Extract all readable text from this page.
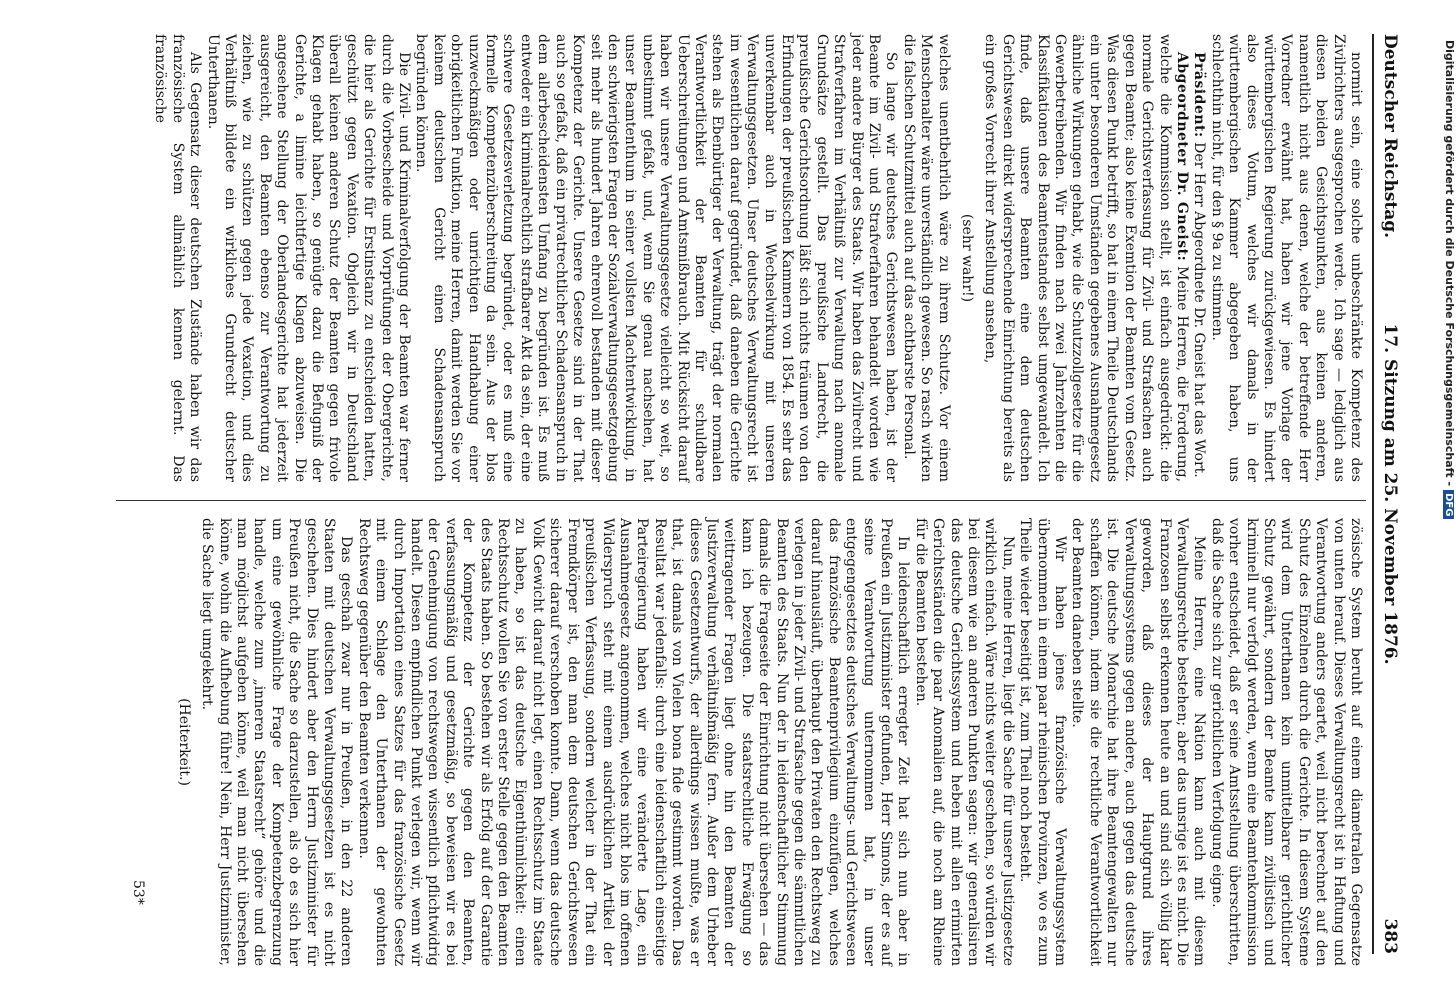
Digitalisierung gefördert durch die Deutsche Forschungsgemeinschaft -DFG
Deutscher Reichstag.
17. Sitzung am 25. November 1876.
383

normirt sein, eine solche unbeschränkte Kompetenz des Zivilrichters ausgesprochen werde. Ich sage — lediglich aus diesen beiden Gesichtspunkten, aus keinen anderen, namentlich nicht aus denen, welche der betreffende Herr Vorredner erwähnt hat, haben wir jene Vorlage der württembergischen Regierung zurückgewiesen. Es hindert also dieses Votum, welches wir damals in der württembergischen Kammer abgegeben haben, uns schlechthin nicht, für den § 9a zu stimmen.

Präsident: Der Herr Abgeordnete Dr. Gneist hat das Wort.

Abgeordneter Dr. Gneist: Meine Herren, die Forderung, welche die Kommission stellt, ist einfach ausgedrückt: die normale Gerichtsverfassung für Zivil- und Strafsachen auch gegen Beamte; also keine Exemtion der Beamten vom Gesetz. Was diesen Punkt betrifft, so hat in einem Theile Deutschlands ein unter besonderen Umständen gegebenes Ausnahmegesetz ähnliche Wirkungen gehabt, wie die Schutzzollgesetze für die Gewerbetreibenden. Wir finden nach zwei Jahrzehnten die Klassifikationen des Beamtenstandes selbst umgewandelt. Ich finde, daß unsere Beamten eine dem deutschen Gerichtswesen direkt widersprechende Einrichtung bereits als ein großes Vorrecht ihrer Anstellung ansehen,

(sehr wahr!)

welches unentbehrlich wäre zu ihrem Schutze. Vor einem Menschenalter wäre unverständlich gewesen. So rasch wirken die falschen Schutzmittel auch auf das achtbarste Personal.

So lange wir deutsches Gerichtswesen haben, ist der Beamte im Zivil- und Strafverfahren behandelt worden wie jeder andere Bürger des Staats. Wir haben das Zivilrecht und Strafverfahren im Verhältniß zur Verwaltung nach anomale Grundsätze gestellt. Das preußische Landrecht, die preußische Gerichtsordnung läßt sich nichts träumen von den Erfindungen der preußischen Kammern von 1854. Es sehr das unverkennbar auch in Wechselwirkung mit unseren Verwaltungsgesetzen. Unser deutsches Verwaltungsrecht ist im wesentlichen darauf gegründet, daß daneben die Gerichte stehen als Ebenbürtiger der Verwaltung, trägt der normalen Verantwortlichkeit der Beamten für schuldbare Ueberschreitungen und Amtsmißbrauch. Mit Rücksicht darauf haben wir unsere Verwaltungsgesetze vielleicht so weit, so unbestimmt gefaßt, und, wenn Sie genau nachsehen, hat unser Beamtenthum in seiner vollsten Machtentwicklung, in den schwierigsten Fragen der Sozialverwaltungsgesetzgebung seit mehr als hundert Jahren ehrenvoll bestanden mit dieser Kompetenz der Gerichte. Unsere Gesetze sind in der That auch so gefaßt, daß ein privatrechtlicher Schadensanspruch in dem allerbescheidensten Umfang zu begründen ist. Es muß entweder ein kriminalrechtlich strafbarer Akt da sein, der eine schwere Gesetzesverletzung begründet, oder es muß eine formelle Kompetenzüberschreitung da sein. Aus der blos unzweckmäßigen oder unrichtigen Handhabung einer obrigkeitlichen Funktion, meine Herren, damit werden Sie vor keinem deutschen Gericht einen Schadensanspruch begründen können.

Die Zivil- und Kriminalverfolgung der Beamten war ferner durch die Vorbescheide und Vorprüfungen der Obergerichte, die hier als Gerichte für Erstinstanz zu entscheiden hatten, geschützt gegen Vexation. Obgleich wir in Deutschland überall keinen anderen Schutz der Beamten gegen frivole Klagen gehabt haben, so genügte dazu die Befugniß der Gerichte, a limine leichtfertige Klagen abzuweisen. Die angesehene Stellung der Oberlandesgerichte hat jederzeit ausgereicht, den Beamten ebenso zur Verantwortung zu ziehen, wie zu schützen gegen jede Vexation, und dies Verhältniß bildete ein wirkliches Grundrecht deutscher Unterthanen.

Als Gegensatz dieser deutschen Zustände haben wir das französische System allmählich kennen gelernt. Das französische

zösische System beruht auf einem diametralen Gegensatze von unten herauf. Dieses Verwaltungsrecht ist in Haftung und Verantwortung anders geartet, weil nicht berechnet auf den Schutz des Einzelnen durch die Gerichte. In diesem Systeme wird dem Unterthanen kein unmittelbarer gerichtlicher Schutz gewährt, sondern der Beamte kann zivilistisch und kriminell nur verfolgt werden, wenn eine Beamtenkommission vorher entscheidet, daß er seine Amtsstellung überschritten, daß die Sache sich zur gerichtlichen Verfolgung eigne.

Meine Herren, eine Nation kann auch mit diesem Verwaltungsrechte bestehen; aber das unsrige ist es nicht. Die Franzosen selbst erkennen heute an und sind sich völlig klar geworden, daß dieses der Hauptgrund ihres Verwaltungssystems gegen andere, auch gegen das deutsche ist. Die deutsche Monarchie hat ihre Beamtengewalten nur schaffen können, indem sie die rechtliche Verantwortlichkeit der Beamten daneben stellte.

Wir haben jenes französische Verwaltungssystem übernommen in einem paar rheinischen Provinzen, wo es zum Theile wieder beseitigt ist, zum Theil noch besteht.

Nun, meine Herren, liegt die Sache für unsere Justizgesetze wirklich einfach. Wäre nichts weiter geschehen, so würden wir bei diesem wie an anderen Punkten sagen: wir generalisiren das deutsche Gerichtssystem und heben mit allen erimirten Gerichtsständen die paar Anomalien auf, die noch am Rheine für die Beamten bestehen.

In leidenschaftlich erregter Zeit hat sich nun aber in Preußen ein Justizminister gefunden, Herr Simons, der es auf seine Verantwortung unternommen hat, in unser entgegengesetztes deutsches Verwaltungs- und Gerichtswesen das französische Beamtenprivilegium einzufügen, welches darauf hinausläuft, überhaupt den Privaten den Rechtsweg zu verlegen in jeder Zivil- und Strafsache gegen die sämmtlichen Beamten des Staats. Nun der in leidenschaftlicher Stimmung damals die Frageseite der Einrichtung nicht übersehen — das kann ich bezeugen. Die staatsrechtliche Erwägung so weittragender Fragen liegt ohne hin den Beamten der Justizverwaltung verhältnißmäßig fern. Außer dem Urheber dieses Gesetzentwurfs, der allerdings wissen mußte, was er that, ist damals von Vielen bona fide gestimmt worden. Das Resultat war jedenfalls: durch eine leidenschaftlich einseitige Parteiregierung haben wir eine veränderte Lage, ein Ausnahmegesetz angenommen, welches nicht blos im offenen Widerspruch steht mit einem ausdrücklichen Artikel der preußischen Verfassung, sondern welcher in der That ein Fremdkörper ist, den man dem deutschen Gerichtswesen sicherer darauf verschoben konnte. Dann, wenn das deutsche Volk Gewicht darauf nicht legt, einen Rechtsschutz im Staate zu haben, so ist das deutsche Eigenthümlichkeit: einen Rechtsschutz wollen Sie von erster Stelle gegen den Beamten des Staats haben. So bestehen wir als Erfolg auf der Garantie der Kompetenz der Gerichte gegen den Beamten, verfassungsmäßig und gesetzmäßig, so beweisen wir es bei der Genehmigung von rechtswegen wissentlich pflichtwidrig handelt. Diesen empfindlichen Punkt verlegen wir, wenn wir durch Importation eines Satzes für das französische Gesetz mit einem Schlage den Unterthanen der gewohnten Rechtsweg gegenüber den Beamten verkennen.

Das geschah zwar nur in Preußen, in den 22 anderen Staaten mit deutschen Verwaltungsgesetzen ist es nicht geschehen. Dies hindert aber den Herrn Justizminister für Preußen nicht, die Sache so darzustellen, als ob es sich hier um eine gewöhnliche Frage der Kompetenzbegrenzung handle, welche zum „inneren Staatsrecht“ gehöre und die man möglichst aufgeben könne, weil man nicht übersehen könne, wohin die Aufhebung führe! Nein, Herr Justizminister, die Sache liegt umgekehrt.

(Heiterkeit.)

53*
